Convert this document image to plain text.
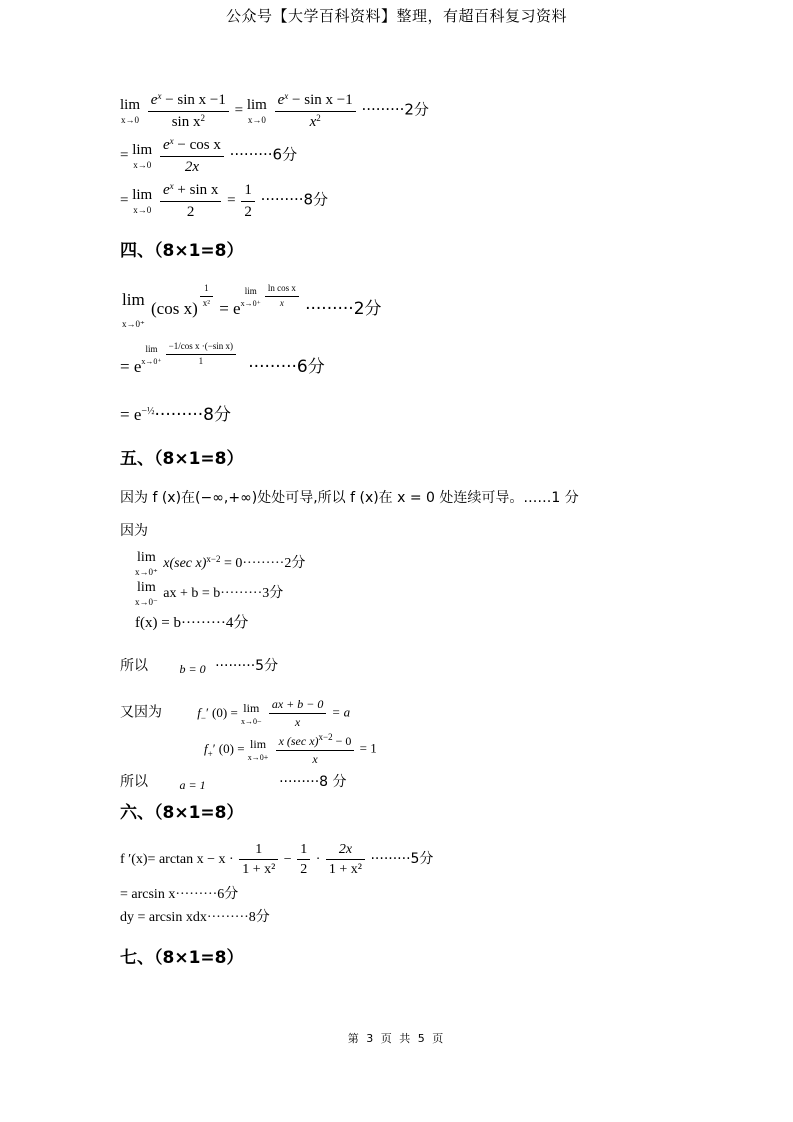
公众号【大学百科资料】整理，有超百科复习资料
lim
x→0
$\frac{e^x - \sin x -1}{\sin x^2} = \lim$
x→0
$\frac{e^x - \sin x -1}{x^2} \cdot\cdot\cdot\cdot\cdot\cdot\cdot\cdot\cdot 2$分
= lim
x→0
$\frac{e^x - \cos x}{2x} \cdot\cdot\cdot\cdot\cdot\cdot\cdot\cdot\cdot 6$分
= lim
x→0
$\frac{e^x + \sin x}{2} = \frac{1}{2} \cdot\cdot\cdot\cdot\cdot\cdot\cdot\cdot\cdot 8$分
四、（8×1=8）
lim
x→0⁺
(cos $x) \frac{1}{\text{x²}} = e$
lim
$x\to 0^+ \frac{\text{ln cos x}}{x}$
·········2分
= e
lim
$x\to 0^+ \frac{\text{−1/cos x ·(−sin x)}}{1}$
·········6分
= $e^{-\frac{1}{2}}\cdot\cdot\cdot\cdot\cdot\cdot\cdot\cdot\cdot 8$分
五、（8×1=8）
因为 f (x)在(−∞,+∞)处处可导,所以 f (x)在 x = 0 处连续可导。……1 分
因为
lim
x→0⁺
x(sec x)$^{x-2}$ = 0·········2分
lim
x→0⁻
ax + b = b·········3分
f(x) = b·········4分
所以	b = 0 ·········5分
又因为	$f_-'$ (0) = lim
x→0−
$\frac{ax + b - 0}{x} = a$
$f_+'$ (0) = lim
x→0+
$\frac{x (\sec x)^{x-2} - 0}{x} = 1$
所以	a = 1	·········8 分
六、（8×1=8）
f $'(x)= \arctan x - x \cdot \frac{1}{\text{1 + x²}} - \frac{1}{2} \cdot \frac{2x}{\text{1 + x²}} \cdot\cdot\cdot\cdot\cdot\cdot\cdot\cdot\cdot 5$分
= arcsin x·········6分
dy = arcsin xdx·········8分
七、（8×1=8）
第 3 页 共 5 页
